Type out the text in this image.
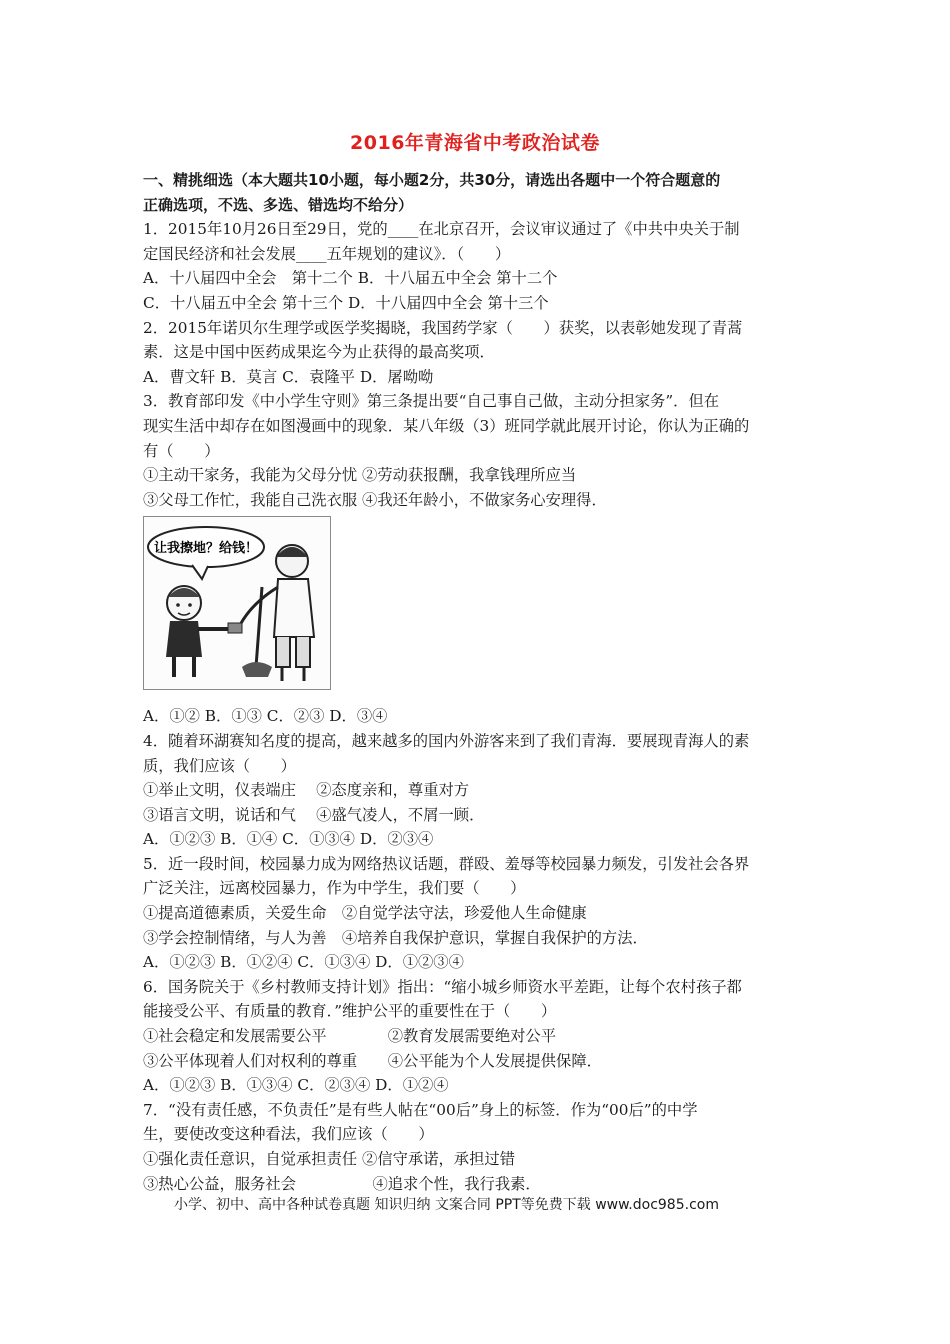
2016年青海省中考政治试卷
一、精挑细选（本大题共10小题，每小题2分，共30分，请选出各题中一个符合题意的
正确选项，不选、多选、错选均不给分）
1．2015年10月26日至29日，党的____在北京召开，会议审议通过了《中共中央关于制
定国民经济和社会发展____五年规划的建议》．（　　）
A．十八届四中全会　第十二个 B．十八届五中全会 第十二个
C．十八届五中全会 第十三个 D．十八届四中全会 第十三个
2．2015年诺贝尔生理学或医学奖揭晓，我国药学家（　　）获奖，以表彰她发现了青蒿
素．这是中国中医药成果迄今为止获得的最高奖项．
A．曹文轩 B．莫言 C．袁隆平 D．屠呦呦
3．教育部印发《中小学生守则》第三条提出要“自己事自己做，主动分担家务”．但在
现实生活中却存在如图漫画中的现象．某八年级（3）班同学就此展开讨论，你认为正确的
有（　　）
①主动干家务，我能为父母分忧 ②劳动获报酬，我拿钱理所应当
③父母工作忙，我能自己洗衣服 ④我还年龄小，不做家务心安理得．
让我擦地？给钱！
A．①② B．①③ C．②③ D．③④
4．随着环湖赛知名度的提高，越来越多的国内外游客来到了我们青海．要展现青海人的素
质，我们应该（　　）
①举止文明，仪表端庄　 ②态度亲和，尊重对方
③语言文明，说话和气　 ④盛气凌人，不屑一顾．
A．①②③ B．①④ C．①③④ D．②③④
5．近一段时间，校园暴力成为网络热议话题，群殴、羞辱等校园暴力频发，引发社会各界
广泛关注，远离校园暴力，作为中学生，我们要（　　）
①提高道德素质，关爱生命　②自觉学法守法，珍爱他人生命健康
③学会控制情绪，与人为善　④培养自我保护意识，掌握自我保护的方法．
A．①②③ B．①②④ C．①③④ D．①②③④
6．国务院关于《乡村教师支持计划》指出：“缩小城乡师资水平差距，让每个农村孩子都
能接受公平、有质量的教育．”维护公平的重要性在于（　　）
①社会稳定和发展需要公平　　　　②教育发展需要绝对公平
③公平体现着人们对权利的尊重　　④公平能为个人发展提供保障．
A．①②③ B．①③④ C．②③④ D．①②④
7．“没有责任感，不负责任”是有些人帖在“00后”身上的标签．作为“00后”的中学
生，要使改变这种看法，我们应该（　　）
①强化责任意识，自觉承担责任 ②信守承诺，承担过错
③热心公益，服务社会　　　　　④追求个性，我行我素．
小学、初中、高中各种试卷真题 知识归纳 文案合同 PPT等免费下载 www.doc985.com
